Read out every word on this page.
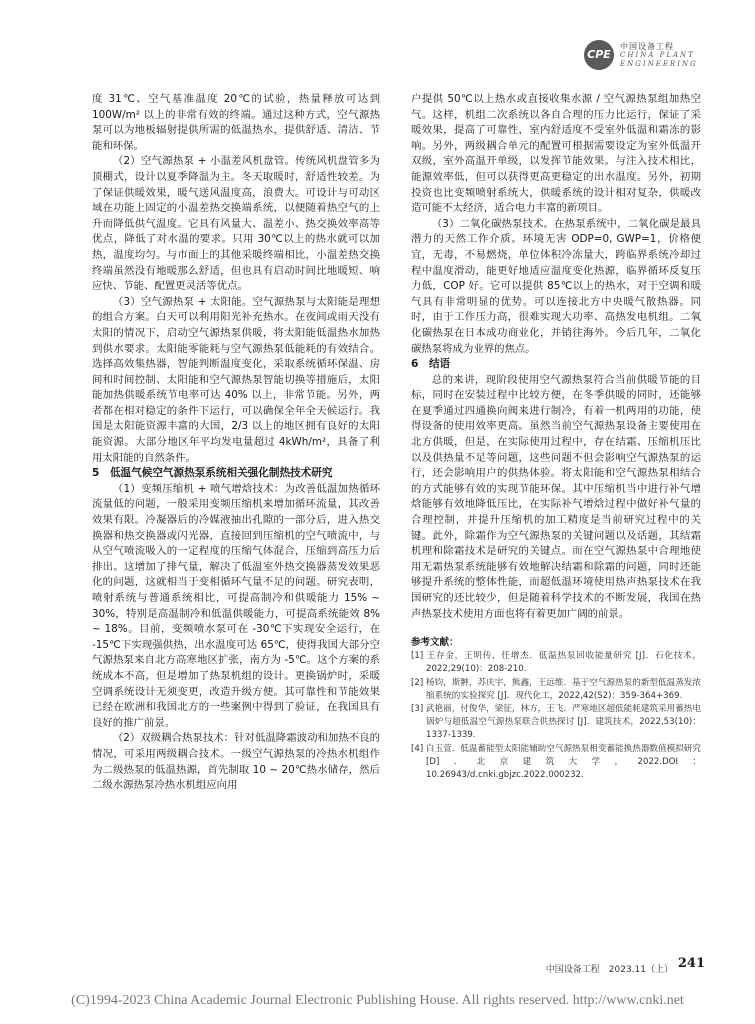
CPE
中国设备工程
CHINA PLANT
ENGINEERING

度 31℃、空气基准温度 20℃的试验，热量释放可达到 100W/m² 以上的非常有效的终端。通过这种方式，空气源热泵可以为地板辐射提供所需的低温热水，提供舒适、清洁、节能和环保。

（2）空气源热泵 + 小温差风机盘管。传统风机盘管多为顶棚式，设计以夏季降温为主。冬天取暖时，舒适性较差。为了保证供暖效果，暖气送风温度高，浪费大。可设计与可动区域在功能上固定的小温差热交换端系统，以便随着热空气的上升而降低供气温度。它具有风量大、温差小、热交换效率高等优点，降低了对水温的要求。只用 30℃以上的热水就可以加热，温度均匀。与市面上的其他采暖终端相比，小温差热交换终端虽然没有地暖那么舒适，但也具有启动时间比地暖短、响应快、节能、配置更灵活等优点。

（3）空气源热泵 + 太阳能。空气源热泵与太阳能是理想的组合方案。白天可以利用阳光补充热水。在夜间或雨天没有太阳的情况下，启动空气源热泵供暖，将太阳能低温热水加热到供水要求。太阳能零能耗与空气源热泵低能耗的有效结合。选择高效集热器，智能判断温度变化，采取系统循环保温、房间和时间控制、太阳能和空气源热泵智能切换等措施后，太阳能加热供暖系统节电率可达 40% 以上，非常节能。另外，两者都在相对稳定的条件下运行，可以确保全年全天候运行。我国是太阳能资源丰富的大国，2/3 以上的地区拥有良好的太阳能资源。大部分地区年平均发电量超过 4kWh/m²，具备了利用太阳能的自然条件。

5　低温气候空气源热泵系统相关强化制热技术研究

（1）变频压缩机 + 喷气增焓技术：为改善低温加热循环流量低的问题，一般采用变频压缩机来增加循环流量，其改善效果有限。冷凝器后的冷媒液抽出孔隙的一部分后，进入热交换器和热交换器或闪光器，直接回到压缩机的空气喷流中，与从空气喷流吸入的一定程度的压缩气体混合，压缩到高压力后排出。这增加了排气量，解决了低温室外热交换器蒸发效果恶化的问题，这就相当于变相循环气量不足的问题。研究表明，喷射系统与普通系统相比，可提高制冷和供暖能力 15% ~ 30%，特别是高温制冷和低温供暖能力，可提高系统能效 8% ~ 18%。目前，变频喷水泵可在 -30℃下实现安全运行，在 -15℃下实现强供热，出水温度可达 65℃，使得我国大部分空气源热泵来自北方高寒地区扩张，南方为 -5℃。这个方案的系统成本不高，但是增加了热泵机组的设计。更换锅炉时，采暖空调系统设计无须变更，改造升级方便。其可靠性和节能效果已经在欧洲和我国北方的一些案例中得到了验证，在我国具有良好的推广前景。

（2）双级耦合热泵技术：针对低温降霜波动和加热不良的情况，可采用两级耦合技术。一级空气源热泵的冷热水机组作为二级热泵的低温热源，首先制取 10 ~ 20℃热水储存，然后二级水源热泵冷热水机组应向用

户提供 50℃以上热水或直接收集水源 / 空气源热泵组加热空气。这样，机组二次系统以各自合理的压力比运行，保证了采暖效果，提高了可靠性，室内舒适度不受室外低温和霜冻的影响。另外，两级耦合单元的配置可根据需要设定为室外低温开双级，室外高温开单级，以发挥节能效果。与注入技术相比，能源效率低，但可以获得更高更稳定的出水温度。另外，初期投资也比变频喷射系统大，供暖系统的设计相对复杂，供暖改造可能不太经济，适合电力丰富的新项目。

（3）二氧化碳热泵技术。在热泵系统中，二氧化碳是最具潜力的天然工作介质。环境无害 ODP=0, GWP=1，价格便宜，无毒，不易燃烧，单位体积冷冻量大，跨临界系统冷却过程中温度滑动，能更好地适应温度变化热源，临界循环反复压力低，COP 好。它可以提供 85℃以上的热水，对于空调和暖气具有非常明显的优势。可以连接北方中央暖气散热器。同时，由于工作压力高，很难实现大功率、高热发电机组。二氧化碳热泵在日本成功商业化，并销往海外。今后几年，二氧化碳热泵将成为业界的焦点。

6　结语

总的来讲，现阶段使用空气源热泵符合当前供暖节能的目标，同时在安装过程中比较方便，在冬季供暖的同时，还能够在夏季通过四通换向阀来进行制冷，有着一机两用的功能，使得设备的使用效率更高。虽然当前空气源热泵设备主要使用在北方供暖，但是，在实际使用过程中，存在结霜、压缩机压比以及供热量不足等问题，这些问题不但会影响空气源热泵的运行，还会影响用户的供热体验。将太阳能和空气源热泵相结合的方式能够有效的实现节能环保。其中压缩机当中进行补气增焓能够有效地降低压比，在实际补气增焓过程中做好补气量的合理控制，并提升压缩机的加工精度是当前研究过程中的关键。此外，除霜作为空气源热泵的关键问题以及话题，其结霜机理和除霜技术是研究的关键点。而在空气源热泵中合理地使用无霜热泵系统能够有效地解决结霜和除霜的问题，同时还能够提升系统的整体性能，而超低温环境使用热声热泵技术在我国研究的还比较少，但是随着科学技术的不断发展，我国在热声热泵技术使用方面也将有着更加广阔的前景。

参考文献：
[1] 王存金，王明传，任增杰．低温热泵回收能量研究 [J]．石化技术，2022,29(10)：208-210.
[2] 杨钧，斯翀，苏庆宇，熊鑫，王远维．基于空气源热泵的新型低温蒸发浓缩系统的实验探究 [J]．现代化工，2022,42(S2)：359-364+369.
[3] 武艳丽，付俊华，梁征，林方，王飞．严寒地区超低能耗建筑采用蓄热电锅炉与超低温空气源热泵联合供热探讨 [J]．建筑技术，2022,53(10)：1337-1339.
[4] 白玉萱．低温蓄能型太阳能辅助空气源热泵相变蓄能换热器数值模拟研究 [D]．北京建筑大学，2022.DOI：10.26943/d.cnki.gbjzc.2022.000232.
中国设备工程　2023.11（上） 241
(C)1994-2023 China Academic Journal Electronic Publishing House. All rights reserved. http://www.cnki.net
